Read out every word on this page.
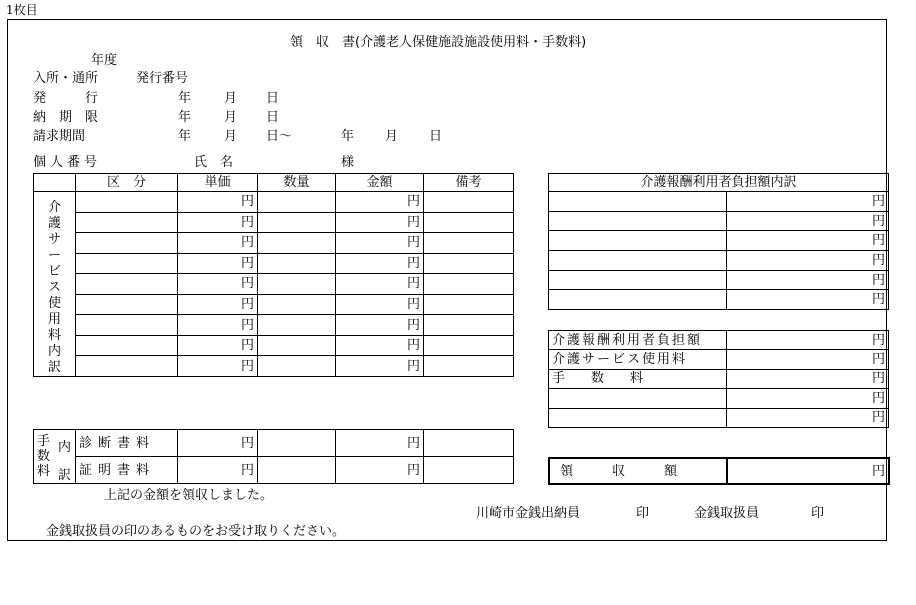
1枚目
領　収　書(介護老人保健施設施設使用料・手数料)
年度
入所・通所	発行番号
発　　　行	年	月 日
納　期　限	年	月 日
請求期間	年	月 日〜	年 月 日
個人番号	氏　名	様
	区　分	単価	数量	金額	備考

介護サービス使用料内訳		円		円	
		円		円	
		円		円	
		円		円	
		円		円	
		円		円	
		円		円	
		円		円	
		円		円	
手数料
内訳	診断書料	円		円	
	証明書料	円		円	
介護報酬利用者負担額内訳	
	円
	円
	円
	円
	円
	円
介護報酬利用者負担額	円
介護サービス使用料	円
手　　数　　料	円
	円
	円
領　　　収　　　額	円
上記の金額を領収しました。
川崎市金銭出納員	印	金銭取扱員	印
金銭取扱員の印のあるものをお受け取りください。
